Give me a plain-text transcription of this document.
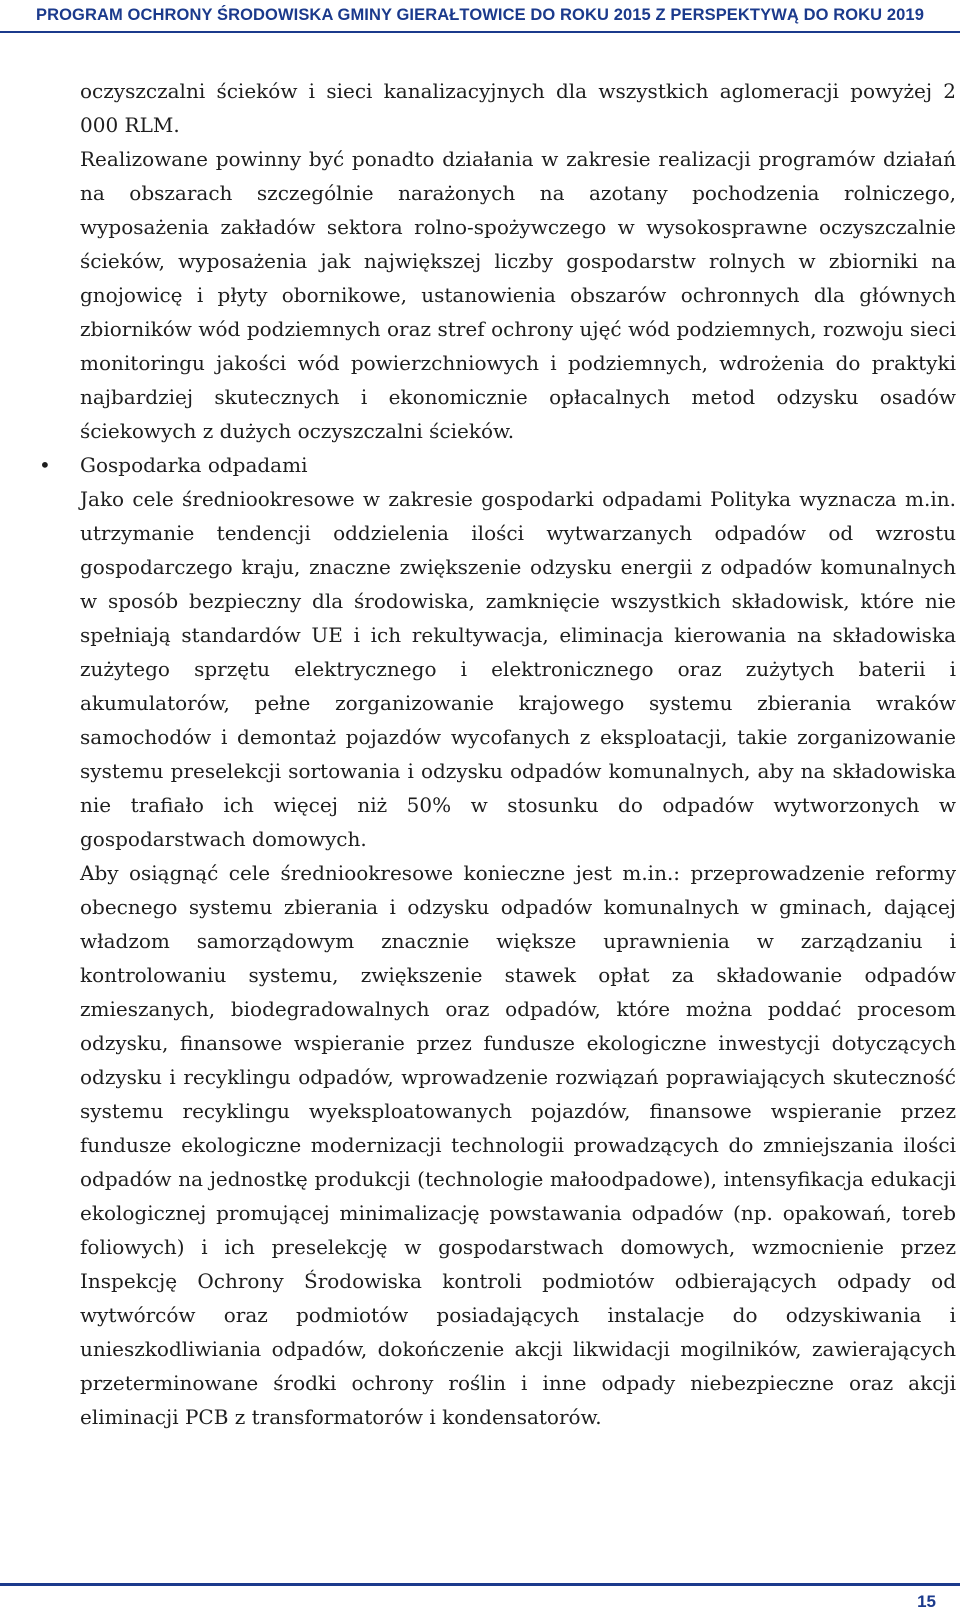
PROGRAM OCHRONY ŚRODOWISKA GMINY GIERAŁTOWICE DO ROKU 2015 Z PERSPEKTYWĄ DO ROKU 2019

oczyszczalni ścieków i sieci kanalizacyjnych dla wszystkich aglomeracji powyżej 2 000 RLM.

Realizowane powinny być ponadto działania w zakresie realizacji programów działań na obszarach szczególnie narażonych na azotany pochodzenia rolniczego, wyposażenia zakładów sektora rolno-spożywczego w wysokosprawne oczyszczalnie ścieków, wyposażenia jak największej liczby gospodarstw rolnych w zbiorniki na gnojowicę i płyty obornikowe, ustanowienia obszarów ochronnych dla głównych zbiorników wód podziemnych oraz stref ochrony ujęć wód podziemnych, rozwoju sieci monitoringu jakości wód powierzchniowych i podziemnych, wdrożenia do praktyki najbardziej skutecznych i ekonomicznie opłacalnych metod odzysku osadów ściekowych z dużych oczyszczalni ścieków.

• Gospodarka odpadami

Jako cele średniookresowe w zakresie gospodarki odpadami Polityka wyznacza m.in. utrzymanie tendencji oddzielenia ilości wytwarzanych odpadów od wzrostu gospodarczego kraju, znaczne zwiększenie odzysku energii z odpadów komunalnych w sposób bezpieczny dla środowiska, zamknięcie wszystkich składowisk, które nie spełniają standardów UE i ich rekultywacja, eliminacja kierowania na składowiska zużytego sprzętu elektrycznego i elektronicznego oraz zużytych baterii i akumulatorów, pełne zorganizowanie krajowego systemu zbierania wraków samochodów i demontaż pojazdów wycofanych z eksploatacji, takie zorganizowanie systemu preselekcji sortowania i odzysku odpadów komunalnych, aby na składowiska nie trafiało ich więcej niż 50% w stosunku do odpadów wytworzonych w gospodarstwach domowych.

Aby osiągnąć cele średniookresowe konieczne jest m.in.: przeprowadzenie reformy obecnego systemu zbierania i odzysku odpadów komunalnych w gminach, dającej władzom samorządowym znacznie większe uprawnienia w zarządzaniu i kontrolowaniu systemu, zwiększenie stawek opłat za składowanie odpadów zmieszanych, biodegradowalnych oraz odpadów, które można poddać procesom odzysku, finansowe wspieranie przez fundusze ekologiczne inwestycji dotyczących odzysku i recyklingu odpadów, wprowadzenie rozwiązań poprawiających skuteczność systemu recyklingu wyeksploatowanych pojazdów, finansowe wspieranie przez fundusze ekologiczne modernizacji technologii prowadzących do zmniejszania ilości odpadów na jednostkę produkcji (technologie małoodpadowe), intensyfikacja edukacji ekologicznej promującej minimalizację powstawania odpadów (np. opakowań, toreb foliowych) i ich preselekcję w gospodarstwach domowych, wzmocnienie przez Inspekcję Ochrony Środowiska kontroli podmiotów odbierających odpady od wytwórców oraz podmiotów posiadających instalacje do odzyskiwania i unieszkodliwiania odpadów, dokończenie akcji likwidacji mogilników, zawierających przeterminowane środki ochrony roślin i inne odpady niebezpieczne oraz akcji eliminacji PCB z transformatorów i kondensatorów.

15
